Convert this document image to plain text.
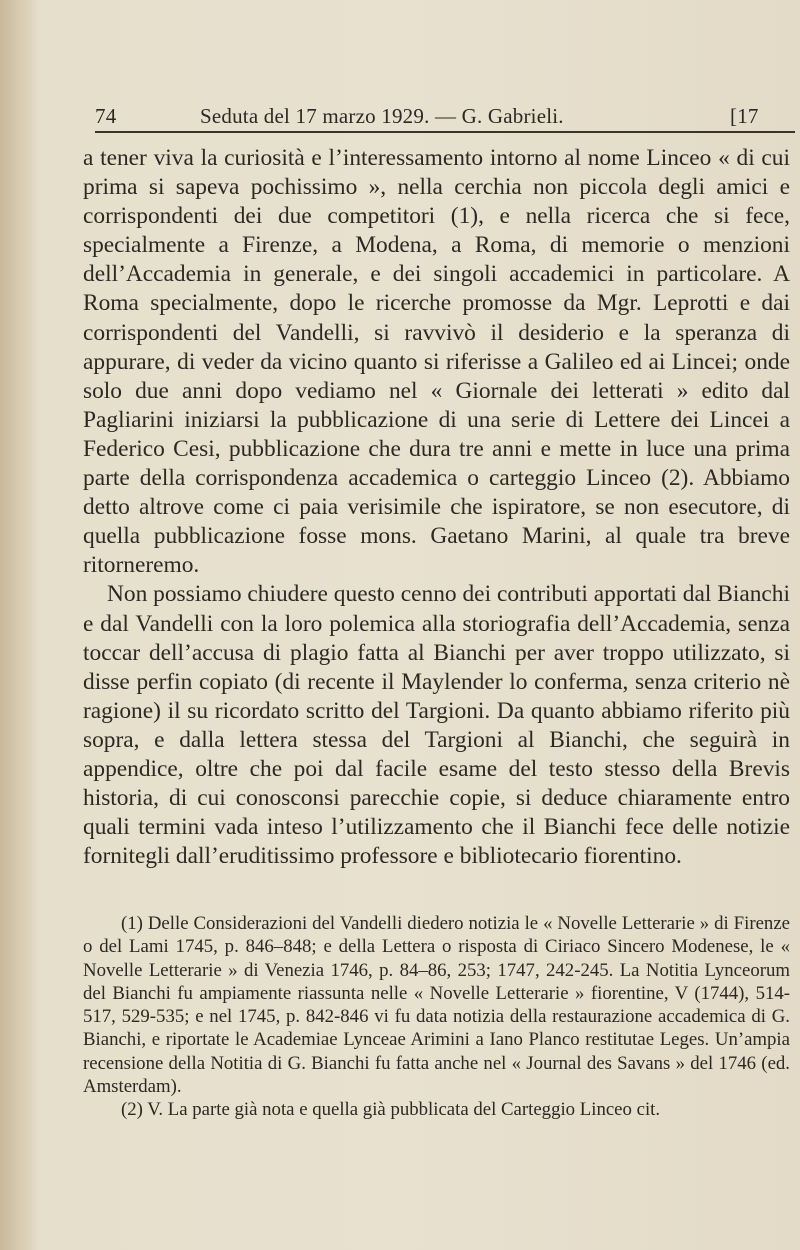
74	Seduta del 17 marzo 1929. — G. Gabrieli.	[17

a tener viva la curiosità e l’interessamento intorno al nome Linceo « di cui prima si sapeva pochissimo », nella cerchia non piccola degli amici e corrispondenti dei due competitori (1), e nella ricerca che si fece, specialmente a Firenze, a Modena, a Roma, di memorie o menzioni dell’Accademia in generale, e dei singoli accademici in particolare. A Roma specialmente, dopo le ricerche promosse da Mgr. Leprotti e dai corrispondenti del Vandelli, si ravvivò il desiderio e la speranza di appurare, di veder da vicino quanto si riferisse a Galileo ed ai Lincei; onde solo due anni dopo vediamo nel « Giornale dei letterati » edito dal Pagliarini iniziarsi la pubblicazione di una serie di Lettere dei Lincei a Federico Cesi, pubblicazione che dura tre anni e mette in luce una prima parte della corrispondenza accademica o carteggio Linceo (2). Abbiamo detto altrove come ci paia verisimile che ispiratore, se non esecutore, di quella pubblicazione fosse mons. Gaetano Marini, al quale tra breve ritorneremo.

Non possiamo chiudere questo cenno dei contributi apportati dal Bianchi e dal Vandelli con la loro polemica alla storiografia dell’Accademia, senza toccar dell’accusa di plagio fatta al Bianchi per aver troppo utilizzato, si disse perfin copiato (di recente il Maylender lo conferma, senza criterio nè ragione) il su ricordato scritto del Targioni. Da quanto abbiamo riferito più sopra, e dalla lettera stessa del Targioni al Bianchi, che seguirà in appendice, oltre che poi dal facile esame del testo stesso della Brevis historia, di cui conosconsi parecchie copie, si deduce chiaramente entro quali termini vada inteso l’utilizzamento che il Bianchi fece delle notizie fornitegli dall’eruditissimo professore e bibliotecario fiorentino.

(1) Delle Considerazioni del Vandelli diedero notizia le « Novelle Letterarie » di Firenze o del Lami 1745, p. 846–848; e della Lettera o risposta di Ciriaco Sincero Modenese, le « Novelle Letterarie » di Venezia 1746, p. 84–86, 253; 1747, 242-245. La Notitia Lynceorum del Bianchi fu ampiamente riassunta nelle « Novelle Letterarie » fiorentine, V (1744), 514-517, 529-535; e nel 1745, p. 842-846 vi fu data notizia della restaurazione accademica di G. Bianchi, e riportate le Academiae Lynceae Arimini a Iano Planco restitutae Leges. Un’ampia recensione della Notitia di G. Bianchi fu fatta anche nel « Journal des Savans » del 1746 (ed. Amsterdam).

(2) V. La parte già nota e quella già pubblicata del Carteggio Linceo cit.
